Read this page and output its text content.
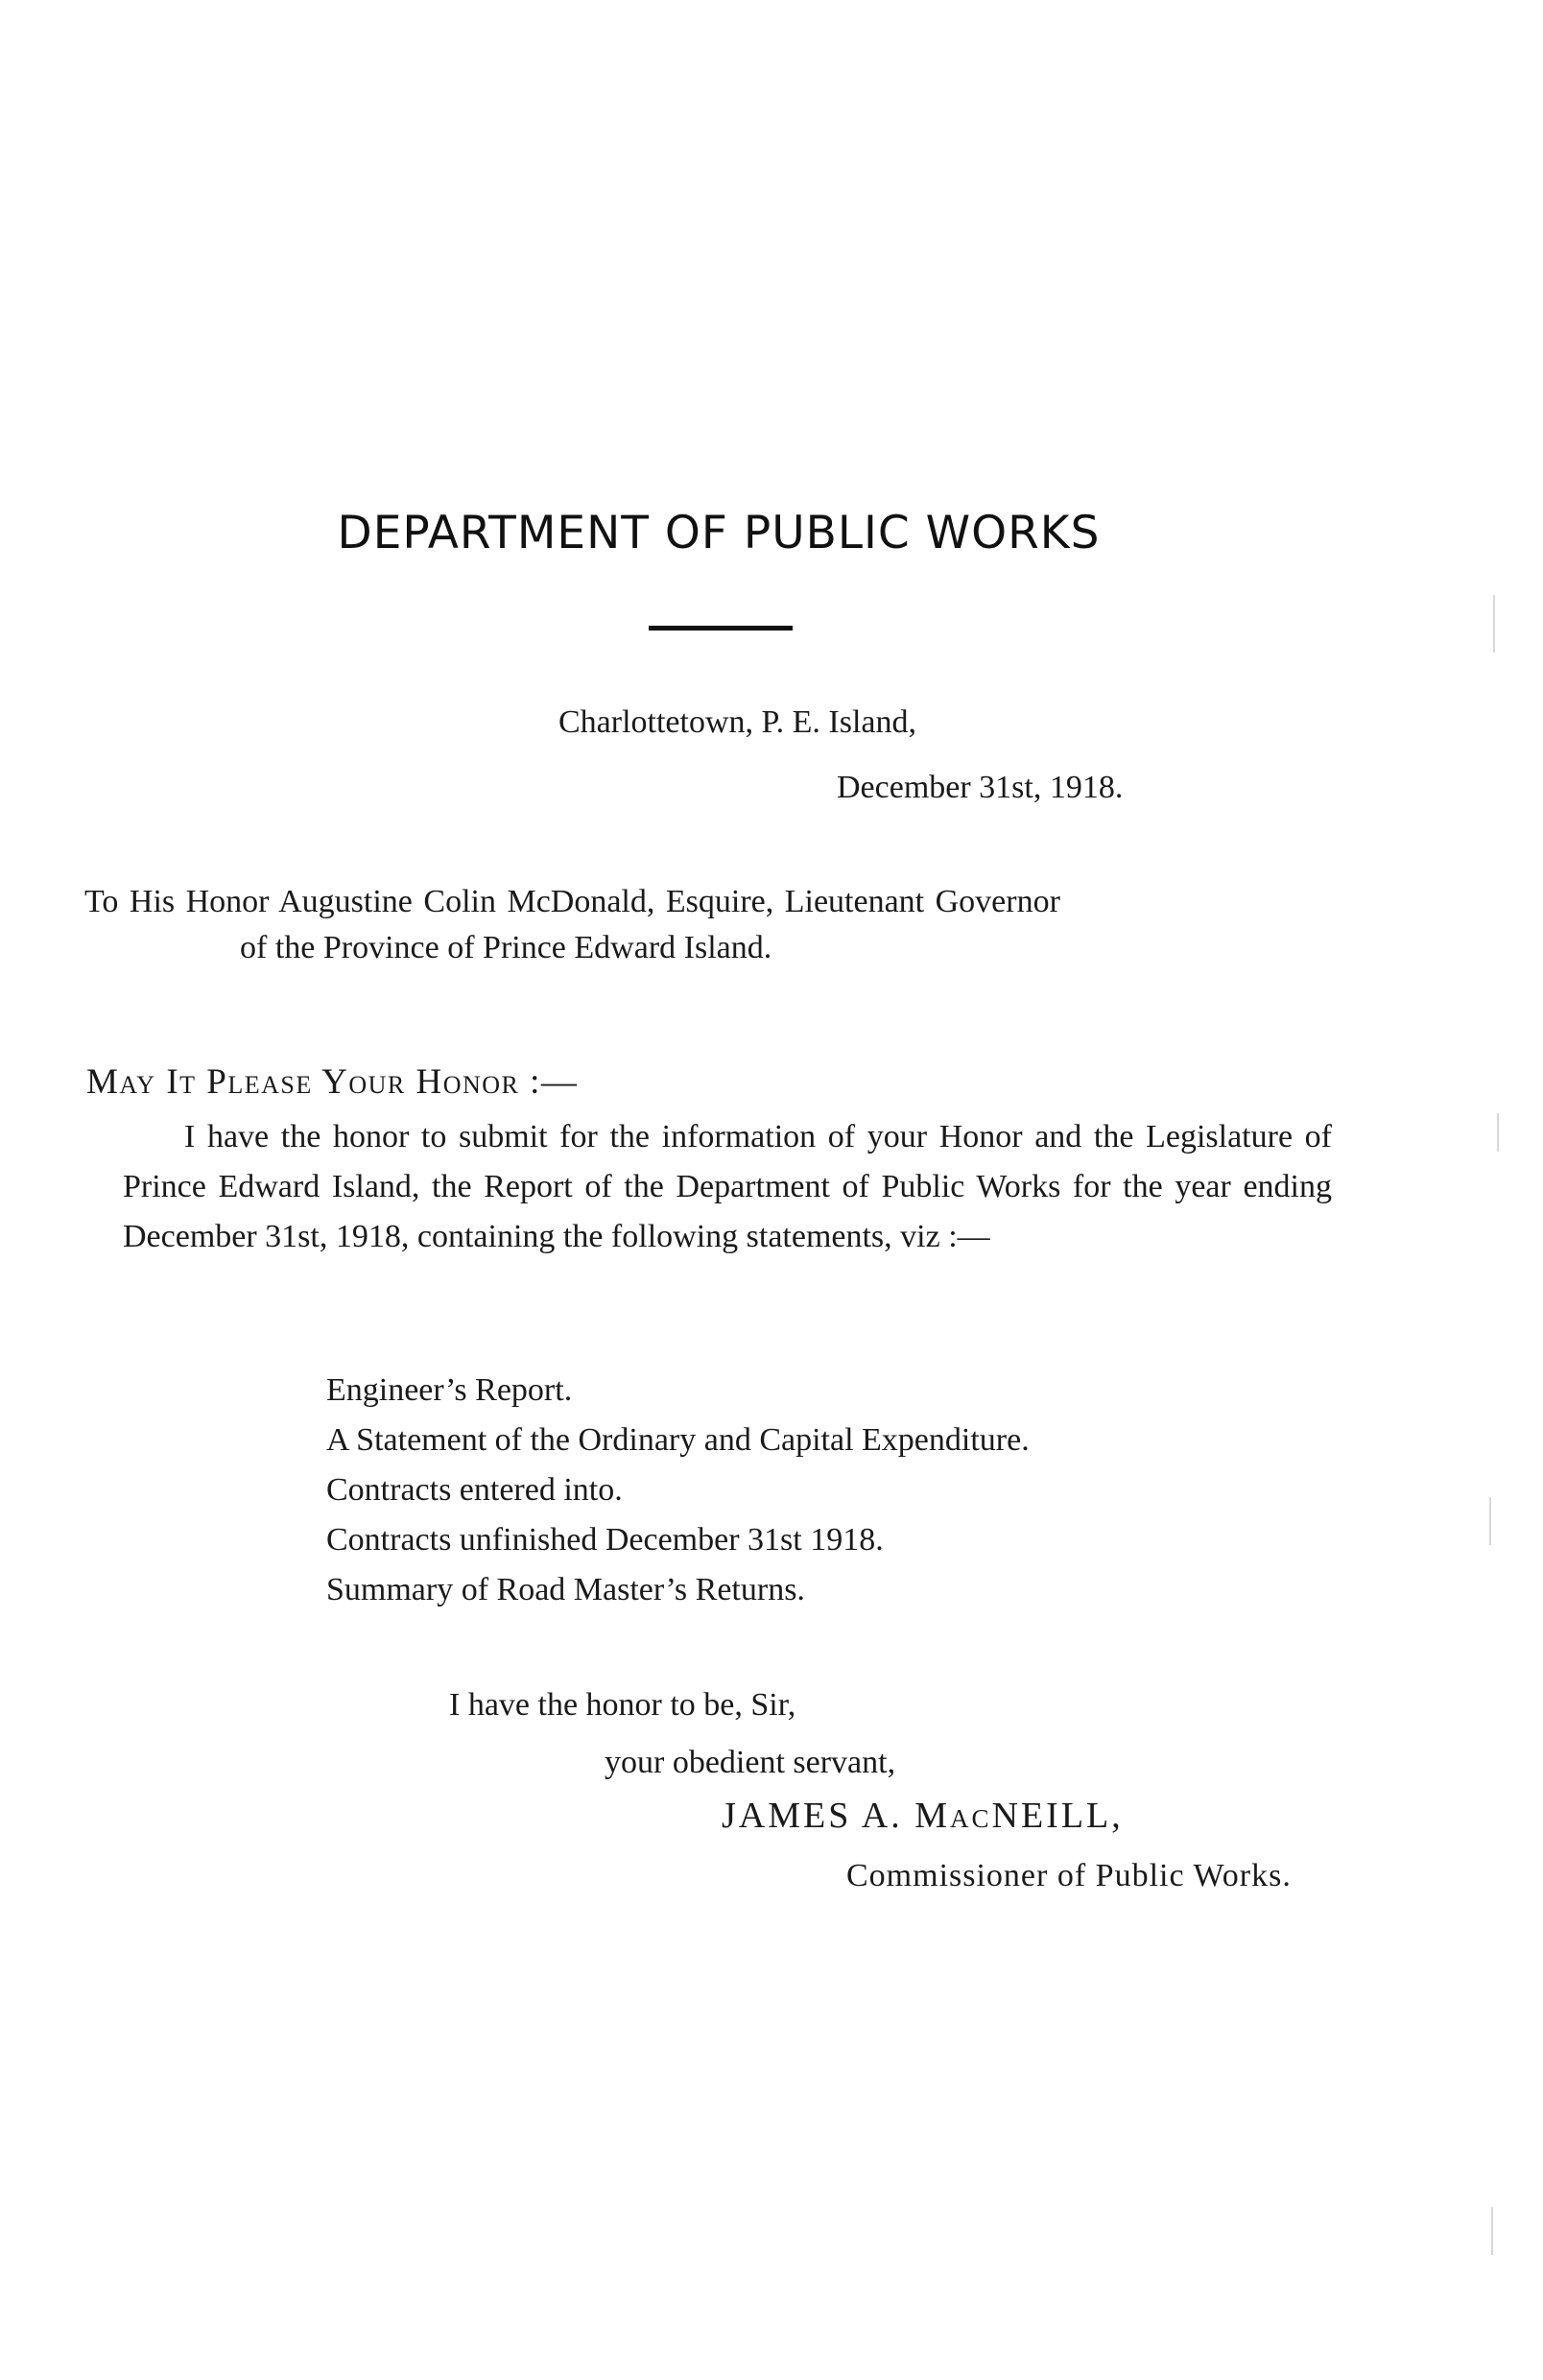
DEPARTMENT OF PUBLIC WORKS

Charlottetown, P. E. Island,

December 31st, 1918.

To His Honor Augustine Colin McDonald, Esquire, Lieutenant Governor

of the Province of Prince Edward Island.

May It Please Your Honor :—

I have the honor to submit for the information of your Honor and the Legislature of Prince Edward Island, the Report of the Department of Public Works for the year ending December 31st, 1918, containing the following statements, viz :—

Engineer’s Report.
A Statement of the Ordinary and Capital Expenditure.
Contracts entered into.
Contracts unfinished December 31st 1918.
Summary of Road Master’s Returns.

I have the honor to be, Sir,

your obedient servant,

JAMES A. MacNEILL,

Commissioner of Public Works.
